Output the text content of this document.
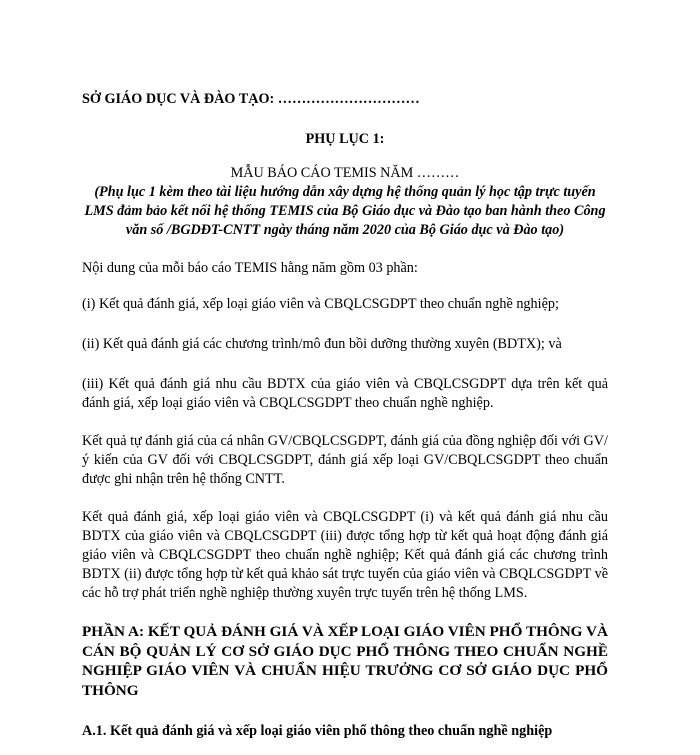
SỞ GIÁO DỤC VÀ ĐÀO TẠO: …………………………

PHỤ LỤC 1:

MẪU BÁO CÁO TEMIS NĂM ………

(Phụ lục 1 kèm theo tài liệu hướng dẫn xây dựng hệ thống quản lý học tập trực tuyến
LMS đảm bảo kết nối hệ thống TEMIS của Bộ Giáo dục và Đào tạo ban hành theo Công
văn số /BGDĐT-CNTT ngày tháng năm 2020 của Bộ Giáo dục và Đào tạo)

Nội dung của mỗi báo cáo TEMIS hằng năm gồm 03 phần:

(i) Kết quả đánh giá, xếp loại giáo viên và CBQLCSGDPT theo chuẩn nghề nghiệp;

(ii) Kết quả đánh giá các chương trình/mô đun bồi dưỡng thường xuyên (BDTX); và

(iii) Kết quả đánh giá nhu cầu BDTX của giáo viên và CBQLCSGDPT dựa trên kết quả đánh giá, xếp loại giáo viên và CBQLCSGDPT theo chuẩn nghề nghiệp.

Kết quả tự đánh giá của cá nhân GV/CBQLCSGDPT, đánh giá của đồng nghiệp đối với GV/ý kiến của GV đối với CBQLCSGDPT, đánh giá xếp loại GV/CBQLCSGDPT theo chuẩn được ghi nhận trên hệ thống CNTT.

Kết quả đánh giá, xếp loại giáo viên và CBQLCSGDPT (i) và kết quả đánh giá nhu cầu BDTX của giáo viên và CBQLCSGDPT (iii) được tổng hợp từ kết quả hoạt động đánh giá giáo viên và CBQLCSGDPT theo chuẩn nghề nghiệp; Kết quả đánh giá các chương trình BDTX (ii) được tổng hợp từ kết quả khảo sát trực tuyến của giáo viên và CBQLCSGDPT về các hỗ trợ phát triển nghề nghiệp thường xuyên trực tuyến trên hệ thống LMS.

PHẦN A: KẾT QUẢ ĐÁNH GIÁ VÀ XẾP LOẠI GIÁO VIÊN PHỔ THÔNG VÀ CÁN BỘ QUẢN LÝ CƠ SỞ GIÁO DỤC PHỔ THÔNG THEO CHUẨN NGHỀ NGHIỆP GIÁO VIÊN VÀ CHUẨN HIỆU TRƯỞNG CƠ SỞ GIÁO DỤC PHỔ THÔNG

A.1. Kết quả đánh giá và xếp loại giáo viên phổ thông theo chuẩn nghề nghiệp
